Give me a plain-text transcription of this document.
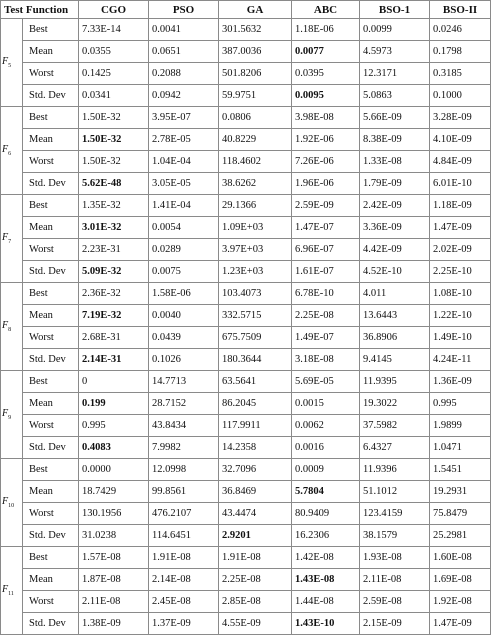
Test Function		CGO	PSO	GA	ABC	BSO-1	BSO-II
$F_5$	Best	7.33E-14	0.0041	301.5632	1.18E-06	0.0099	0.0246
	Mean	0.0355	0.0651	387.0036	0.0077	4.5973	0.1798
	Worst	0.1425	0.2088	501.8206	0.0395	12.3171	0.3185
	Std. Dev	0.0341	0.0942	59.9751	0.0095	5.0863	0.1000
$F_6$	Best	1.50E-32	3.95E-07	0.0806	3.98E-08	5.66E-09	3.28E-09
	Mean	1.50E-32	2.78E-05	40.8229	1.92E-06	8.38E-09	4.10E-09
	Worst	1.50E-32	1.04E-04	118.4602	7.26E-06	1.33E-08	4.84E-09
	Std. Dev	5.62E-48	3.05E-05	38.6262	1.96E-06	1.79E-09	6.01E-10
$F_7$	Best	1.35E-32	1.41E-04	29.1366	2.59E-09	2.42E-09	1.18E-09
	Mean	3.01E-32	0.0054	1.09E+03	1.47E-07	3.36E-09	1.47E-09
	Worst	2.23E-31	0.0289	3.97E+03	6.96E-07	4.42E-09	2.02E-09
	Std. Dev	5.09E-32	0.0075	1.23E+03	1.61E-07	4.52E-10	2.25E-10
$F_8$	Best	2.36E-32	1.58E-06	103.4073	6.78E-10	4.011	1.08E-10
	Mean	7.19E-32	0.0040	332.5715	2.25E-08	13.6443	1.22E-10
	Worst	2.68E-31	0.0439	675.7509	1.49E-07	36.8906	1.49E-10
	Std. Dev	2.14E-31	0.1026	180.3644	3.18E-08	9.4145	4.24E-11
$F_9$	Best	0	14.7713	63.5641	5.69E-05	11.9395	1.36E-09
	Mean	0.199	28.7152	86.2045	0.0015	19.3022	0.995
	Worst	0.995	43.8434	117.9911	0.0062	37.5982	1.9899
	Std. Dev	0.4083	7.9982	14.2358	0.0016	6.4327	1.0471
$F_{10}$	Best	0.0000	12.0998	32.7096	0.0009	11.9396	1.5451
	Mean	18.7429	99.8561	36.8469	5.7804	51.1012	19.2931
	Worst	130.1956	476.2107	43.4474	80.9409	123.4159	75.8479
	Std. Dev	31.0238	114.6451	2.9201	16.2306	38.1579	25.2981
$F_{11}$	Best	1.57E-08	1.91E-08	1.91E-08	1.42E-08	1.93E-08	1.60E-08
	Mean	1.87E-08	2.14E-08	2.25E-08	1.43E-08	2.11E-08	1.69E-08
	Worst	2.11E-08	2.45E-08	2.85E-08	1.44E-08	2.59E-08	1.92E-08
	Std. Dev	1.38E-09	1.37E-09	4.55E-09	1.43E-10	2.15E-09	1.47E-09
